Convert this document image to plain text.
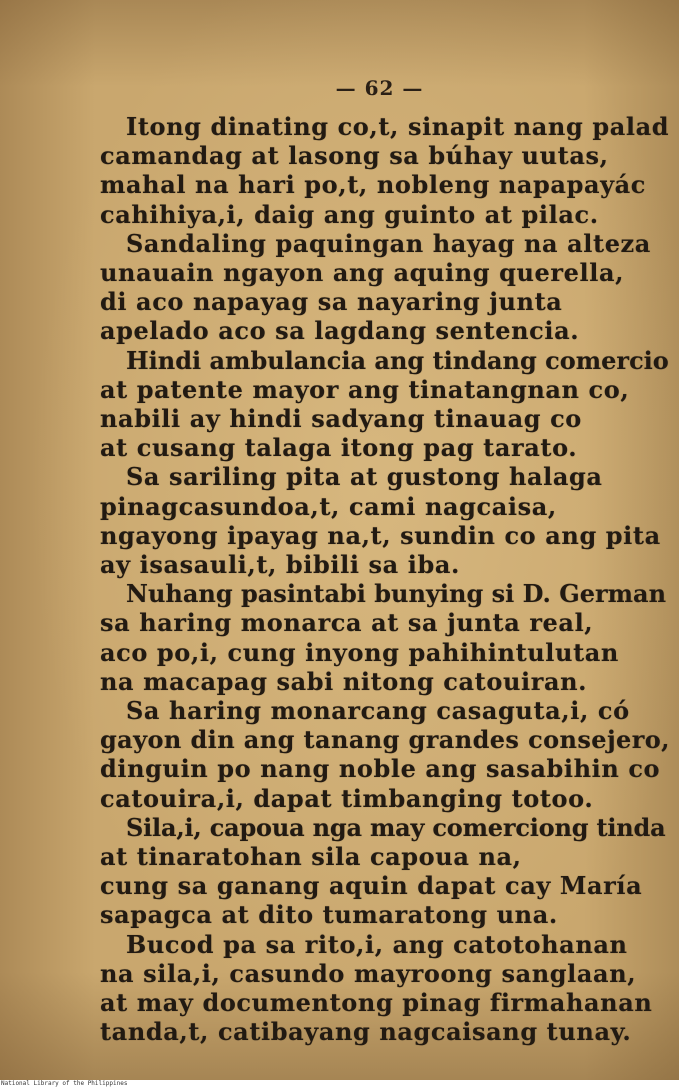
— 62 —
Itong dinating co,t, sinapit nang palad
camandag at lasong sa búhay uutas,
mahal na hari po,t, nobleng napapayác
cahihiya,i, daig ang guinto at pilac.
Sandaling paquingan hayag na alteza
unauain ngayon ang aquing querella,
di aco napayag sa nayaring junta
apelado aco sa lagdang sentencia.
Hindi ambulancia ang tindang comercio
at patente mayor ang tinatangnan co,
nabili ay hindi sadyang tinauag co
at cusang talaga itong pag tarato.
Sa sariling pita at gustong halaga
pinagcasundoa,t, cami nagcaisa,
ngayong ipayag na,t, sundin co ang pita
ay isasauli,t, bibili sa iba.
Nuhang pasintabi bunying si D. German
sa haring monarca at sa junta real,
aco po,i, cung inyong pahihintulutan
na macapag sabi nitong catouiran.
Sa haring monarcang casaguta,i, có
gayon din ang tanang grandes consejero,
dinguin po nang noble ang sasabihin co
catouira,i, dapat timbanging totoo.
Sila,i, capoua nga may comerciong tinda
at tinaratohan sila capoua na,
cung sa ganang aquin dapat cay María
sapagca at dito tumaratong una.
Bucod pa sa rito,i, ang catotohanan
na sila,i, casundo mayroong sanglaan,
at may documentong pinag firmahanan
tanda,t, catibayang nagcaisang tunay.
National Library of the Philippines
